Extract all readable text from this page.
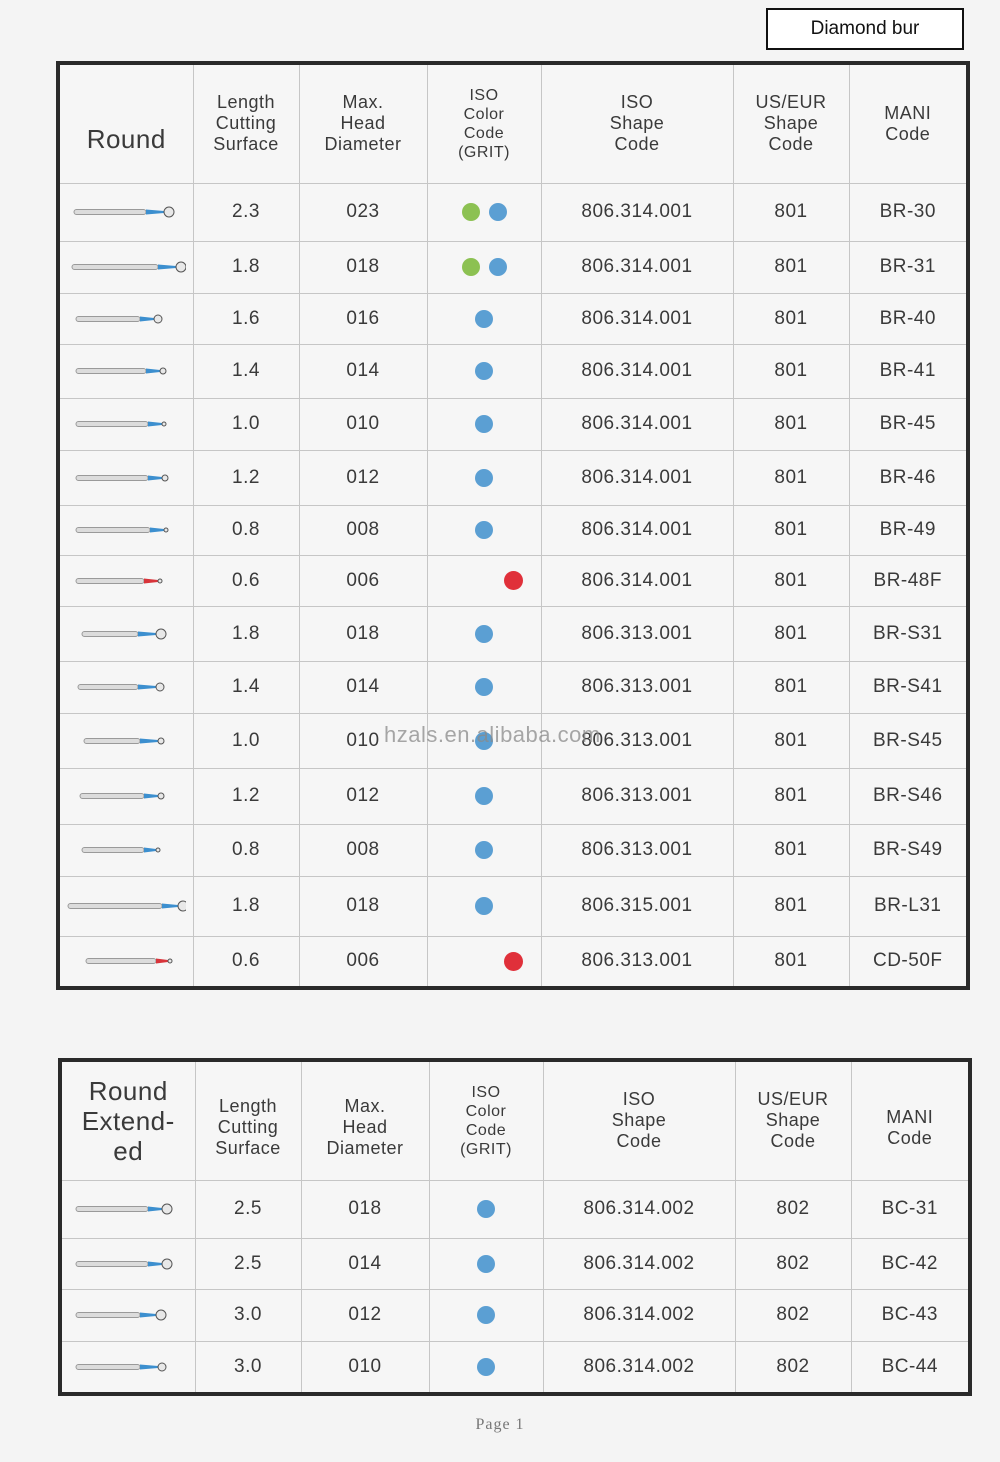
Diamond bur
Round	Length
Cutting
Surface	Max.
Head
Diameter	ISO
Color
Code
(GRIT)	ISO
Shape
Code	US/EUR
Shape
Code	MANI
Code

	2.3	023		806.314.001	801	BR-30

	1.8	018		806.314.001	801	BR-31

	1.6	016		806.314.001	801	BR-40

	1.4	014		806.314.001	801	BR-41

	1.0	010		806.314.001	801	BR-45

	1.2	012		806.314.001	801	BR-46

	0.8	008		806.314.001	801	BR-49

	0.6	006		806.314.001	801	BR-48F

	1.8	018		806.313.001	801	BR-S31

	1.4	014		806.313.001	801	BR-S41

	1.0	010		806.313.001	801	BR-S45

	1.2	012		806.313.001	801	BR-S46

	0.8	008		806.313.001	801	BR-S49

	1.8	018		806.315.001	801	BR-L31

	0.6	006		806.313.001	801	CD-50F
hzals.en.alibaba.com
Round
Extend-
ed	Length
Cutting
Surface	Max.
Head
Diameter	ISO
Color
Code
(GRIT)	ISO
Shape
Code	US/EUR
Shape
Code	MANI
Code

	2.5	018		806.314.002	802	BC-31

	2.5	014		806.314.002	802	BC-42

	3.0	012		806.314.002	802	BC-43

	3.0	010		806.314.002	802	BC-44
Page 1
